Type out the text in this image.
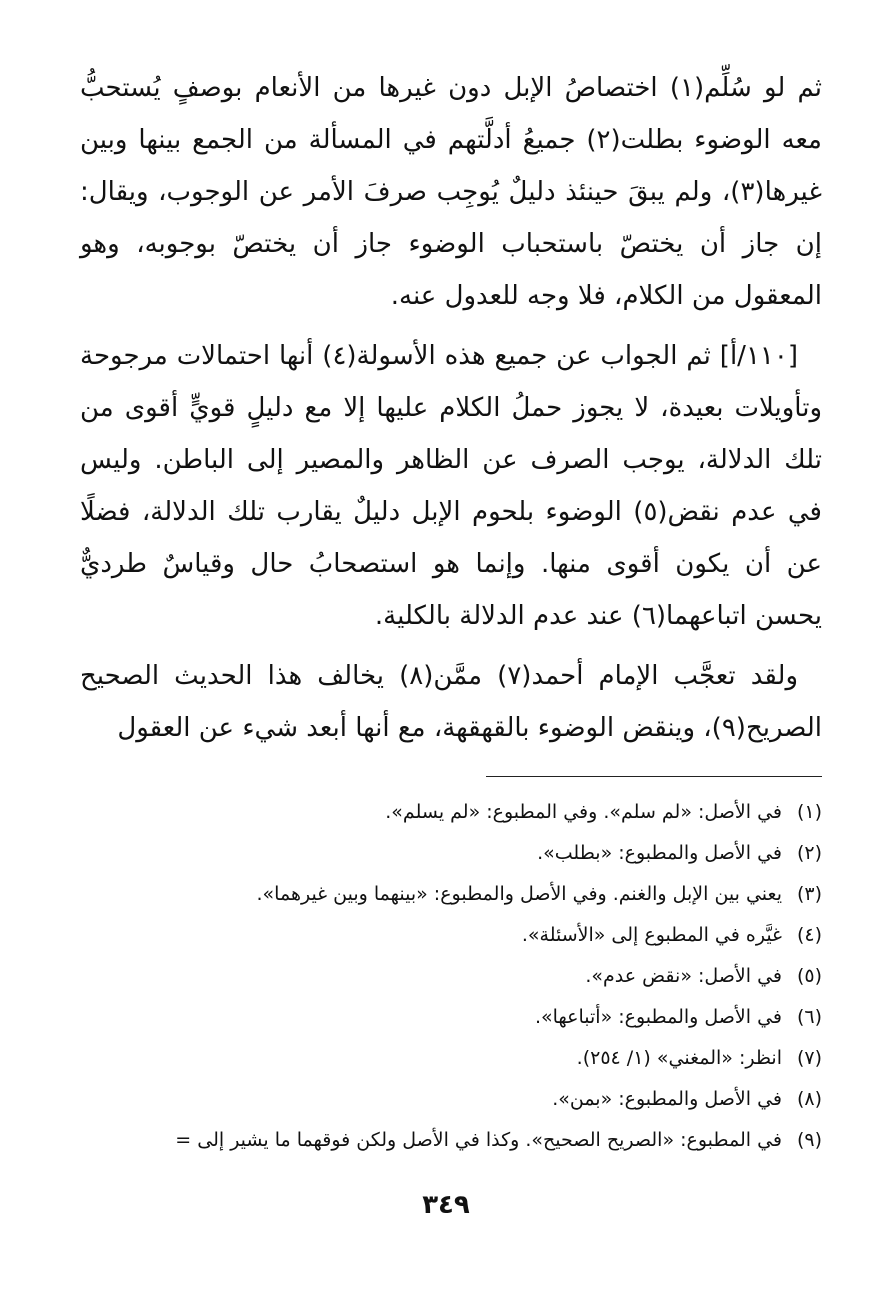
ثم لو سُلِّم(١) اختصاصُ الإبل دون غيرها من الأنعام بوصفٍ يُستحبُّ معه الوضوء بطلت(٢) جميعُ أدلَّتهم في المسألة من الجمع بينها وبين غيرها(٣)، ولم يبقَ حينئذ دليلٌ يُوجِب صرفَ الأمر عن الوجوب، ويقال: إن جاز أن يختصّ باستحباب الوضوء جاز أن يختصّ بوجوبه، وهو المعقول من الكلام، فلا وجه للعدول عنه.

[١١٠/أ] ثم الجواب عن جميع هذه الأسولة(٤) أنها احتمالات مرجوحة وتأويلات بعيدة، لا يجوز حملُ الكلام عليها إلا مع دليلٍ قويٍّ أقوى من تلك الدلالة، يوجب الصرف عن الظاهر والمصير إلى الباطن. وليس في عدم نقض(٥) الوضوء بلحوم الإبل دليلٌ يقارب تلك الدلالة، فضلًا عن أن يكون أقوى منها. وإنما هو استصحابُ حال وقياسٌ طرديٌّ يحسن اتباعهما(٦) عند عدم الدلالة بالكلية.

ولقد تعجَّب الإمام أحمد(٧) ممَّن(٨) يخالف هذا الحديث الصحيح الصريح(٩)، وينقض الوضوء بالقهقهة، مع أنها أبعد شيء عن العقول

(١)
في الأصل: «لم سلم». وفي المطبوع: «لم يسلم».
(٢)
في الأصل والمطبوع: «بطلب».
(٣)
يعني بين الإبل والغنم. وفي الأصل والمطبوع: «بينهما وبين غيرهما».
(٤)
غيَّره في المطبوع إلى «الأسئلة».
(٥)
في الأصل: «نقض عدم».
(٦)
في الأصل والمطبوع: «أتباعها».
(٧)
انظر: «المغني» (١/ ٢٥٤).
(٨)
في الأصل والمطبوع: «بمن».
(٩)
في المطبوع: «الصريح الصحيح». وكذا في الأصل ولكن فوقهما ما يشير إلى =
٣٤٩
